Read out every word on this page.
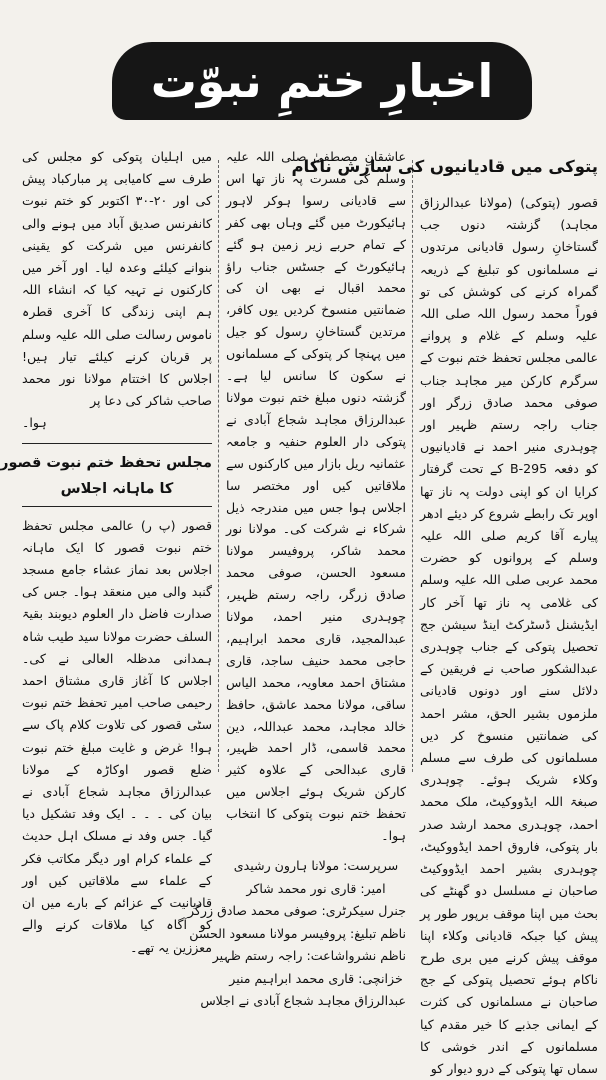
اخبارِ ختمِ نبوّت
پتوکی میں قادیانیوں کی سازش ناکام

قصور (پتوکی) (مولانا عبدالرزاق مجاہد) گزشتہ دنوں جب گستاخانِ رسول قادیانی مرتدوں نے مسلمانوں کو تبلیغ کے ذریعہ گمراہ کرنے کی کوشش کی تو فوراً محمد رسول اللہ صلی اللہ علیہ وسلم کے غلام و پروانے عالمی مجلس تحفظ ختم نبوت کے سرگرم کارکن میر مجاہد جناب صوفی محمد صادق زرگر اور جناب راجہ رستم ظہیر اور چوہدری منیر احمد نے قادیانیوں کو دفعہ B-295 کے تحت گرفتار کرایا ان کو اپنی دولت پہ ناز تھا اوپر تک رابطے شروع کر دیئے ادھر پیارے آقا کریم صلی اللہ علیہ وسلم کے پروانوں کو حضرت محمد عربی صلی اللہ علیہ وسلم کی غلامی پہ ناز تھا آخر کار ایڈیشنل ڈسٹرکٹ اینڈ سیشن جج تحصیل پتوکی کے جناب چوہدری عبدالشکور صاحب نے فریقین کے دلائل سنے اور دونوں قادیانی ملزموں بشیر الحق، مشر احمد کی ضمانتیں منسوخ کر دیں مسلمانوں کی طرف سے مسلم وکلاء شریک ہوئے۔ چوہدری صبغۃ اللہ ایڈووکیٹ، ملک محمد احمد، چوہدری محمد ارشد صدر بار پتوکی، فاروق احمد ایڈووکیٹ، چوہدری بشیر احمد ایڈووکیٹ صاحبان نے مسلسل دو گھنٹے کی بحث میں اپنا موقف برپور طور پر پیش کیا جبکہ قادیانی وکلاء اپنا موقف پیش کرنے میں بری طرح ناکام ہوئے تحصیل پتوکی کے جج صاحبان نے مسلمانوں کی کثرت کے ایمانی جذبے کا خیر مقدم کیا مسلمانوں کے اندر خوشی کا سماں تھا پتوکی کے درو دیوار کو

عاشقانِ مصطفیٰ صلی اللہ علیہ وسلم کی مسرت پہ ناز تھا اس سے قادیانی رسوا ہوکر لاہور ہائیکورٹ میں گئے وہاں بھی کفر کے تمام حربے زیر زمین ہو گئے ہائیکورٹ کے جسٹس جناب راؤ محمد اقبال نے بھی ان کی ضمانتیں منسوخ کردیں یوں کافر، مرتدین گستاخانِ رسول کو جیل میں پہنچا کر پتوکی کے مسلمانوں نے سکون کا سانس لیا ہے۔ گزشتہ دنوں مبلغ ختم نبوت مولانا عبدالرزاق مجاہد شجاع آبادی نے پتوکی دار العلوم حنفیہ و جامعہ عثمانیہ ریل بازار میں کارکنوں سے ملاقاتیں کیں اور مختصر سا اجلاس ہوا جس میں مندرجہ ذیل شرکاء نے شرکت کی۔ مولانا نور محمد شاکر، پروفیسر مولانا مسعود الحسن، صوفی محمد صادق زرگر، راجہ رستم ظہیر، چوہدری منیر احمد، مولانا عبدالمجید، قاری محمد ابراہیم، حاجی محمد حنیف ساجد، قاری مشتاق احمد معاویہ، محمد الیاس ساقی، مولانا محمد عاشق، حافظ خالد مجاہد، محمد عبداللہ، دین محمد قاسمی، ڈار احمد ظہیر، قاری عبدالحی کے علاوہ کثیر کارکن شریک ہوئے اجلاس میں تحفظ ختم نبوت پتوکی کا انتخاب ہوا۔

سرپرست: مولانا ہارون رشیدی
امیر: قاری نور محمد شاکر
جنرل سیکرٹری: صوفی محمد صادق زرگر
ناظم تبلیغ: پروفیسر مولانا مسعود الحسن
ناظم نشرواشاعت: راجہ رستم ظہیر
خزانچی: قاری محمد ابراہیم منیر
عبدالرزاق مجاہد شجاع آبادی نے اجلاس

میں اہلیان پتوکی کو مجلس کی طرف سے کامیابی پر مبارکباد پیش کی اور ۲۰-۳۰ اکتوبر کو ختم نبوت کانفرنس صدیق آباد میں ہونے والی کانفرنس میں شرکت کو یقینی بنوانے کیلئے وعدہ لیا۔ اور آخر میں کارکنوں نے تہیہ کیا کہ انشاء اللہ ہم اپنی زندگی کا آخری قطرہ ناموس رسالت صلی اللہ علیہ وسلم پر قربان کرنے کیلئے تیار ہیں! اجلاس کا اختتام مولانا نور محمد صاحب شاکر کی دعا پر

ہوا۔

مجلس تحفظ ختم نبوت قصور
کا ماہانہ اجلاس

قصور (پ ر) عالمی مجلس تحفظ ختم نبوت قصور کا ایک ماہانہ اجلاس بعد نماز عشاء جامع مسجد گنبد والی میں منعقد ہوا۔ جس کی صدارت فاضل دار العلوم دیوبند بقیۃ السلف حضرت مولانا سید طیب شاہ ہمدانی مدظلہ العالی نے کی۔ اجلاس کا آغاز قاری مشتاق احمد رحیمی صاحب امیر تحفظ ختم نبوت سٹی قصور کی تلاوت کلام پاک سے ہوا! غرض و غایت مبلغ ختم نبوت ضلع قصور اوکاڑہ کے مولانا عبدالرزاق مجاہد شجاع آبادی نے بیان کی ۔ ۔ ۔ ایک وفد تشکیل دیا گیا۔ جس وفد نے مسلک اہل حدیث کے علماء کرام اور دیگر مکاتب فکر کے علماء سے ملاقاتیں کیں اور قادیانیت کے عزائم کے بارے میں ان کو آگاہ کیا ملاقات کرنے والے معززین یہ تھے۔
